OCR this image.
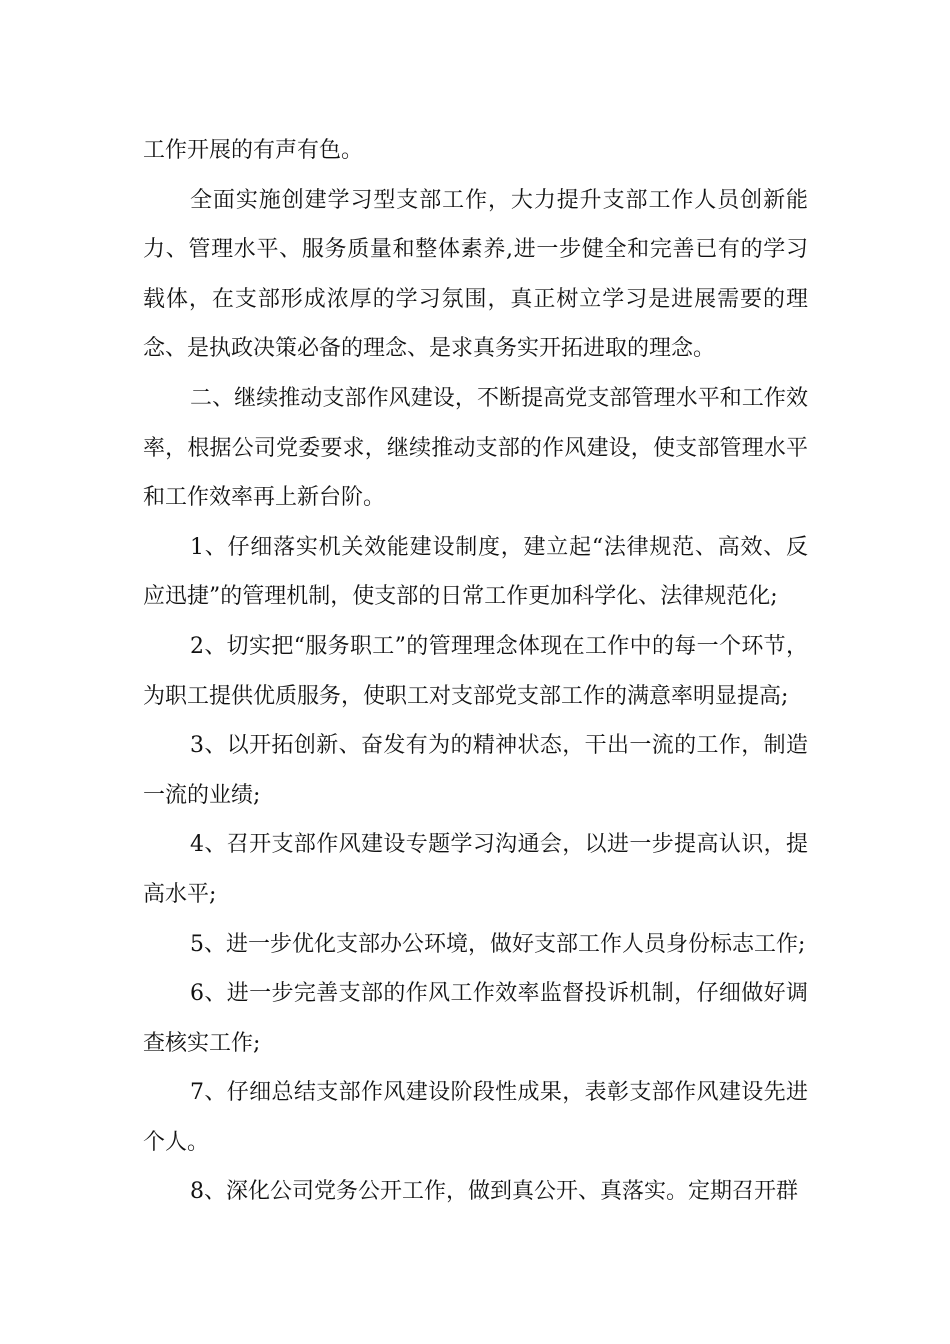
工作开展的有声有色。

全面实施创建学习型支部工作，大力提升支部工作人员创新能力、管理水平、服务质量和整体素养,进一步健全和完善已有的学习载体，在支部形成浓厚的学习氛围，真正树立学习是进展需要的理念、是执政决策必备的理念、是求真务实开拓进取的理念。

二、继续推动支部作风建设，不断提高党支部管理水平和工作效率，根据公司党委要求，继续推动支部的作风建设，使支部管理水平和工作效率再上新台阶。

1、仔细落实机关效能建设制度，建立起“法律规范、高效、反应迅捷”的管理机制，使支部的日常工作更加科学化、法律规范化;

2、切实把“服务职工”的管理理念体现在工作中的每一个环节，为职工提供优质服务，使职工对支部党支部工作的满意率明显提高;

3、以开拓创新、奋发有为的精神状态，干出一流的工作，制造一流的业绩;

4、召开支部作风建设专题学习沟通会，以进一步提高认识，提高水平;

5、进一步优化支部办公环境，做好支部工作人员身份标志工作;

6、进一步完善支部的作风工作效率监督投诉机制，仔细做好调查核实工作;

7、仔细总结支部作风建设阶段性成果，表彰支部作风建设先进个人。

8、深化公司党务公开工作，做到真公开、真落实。定期召开群
